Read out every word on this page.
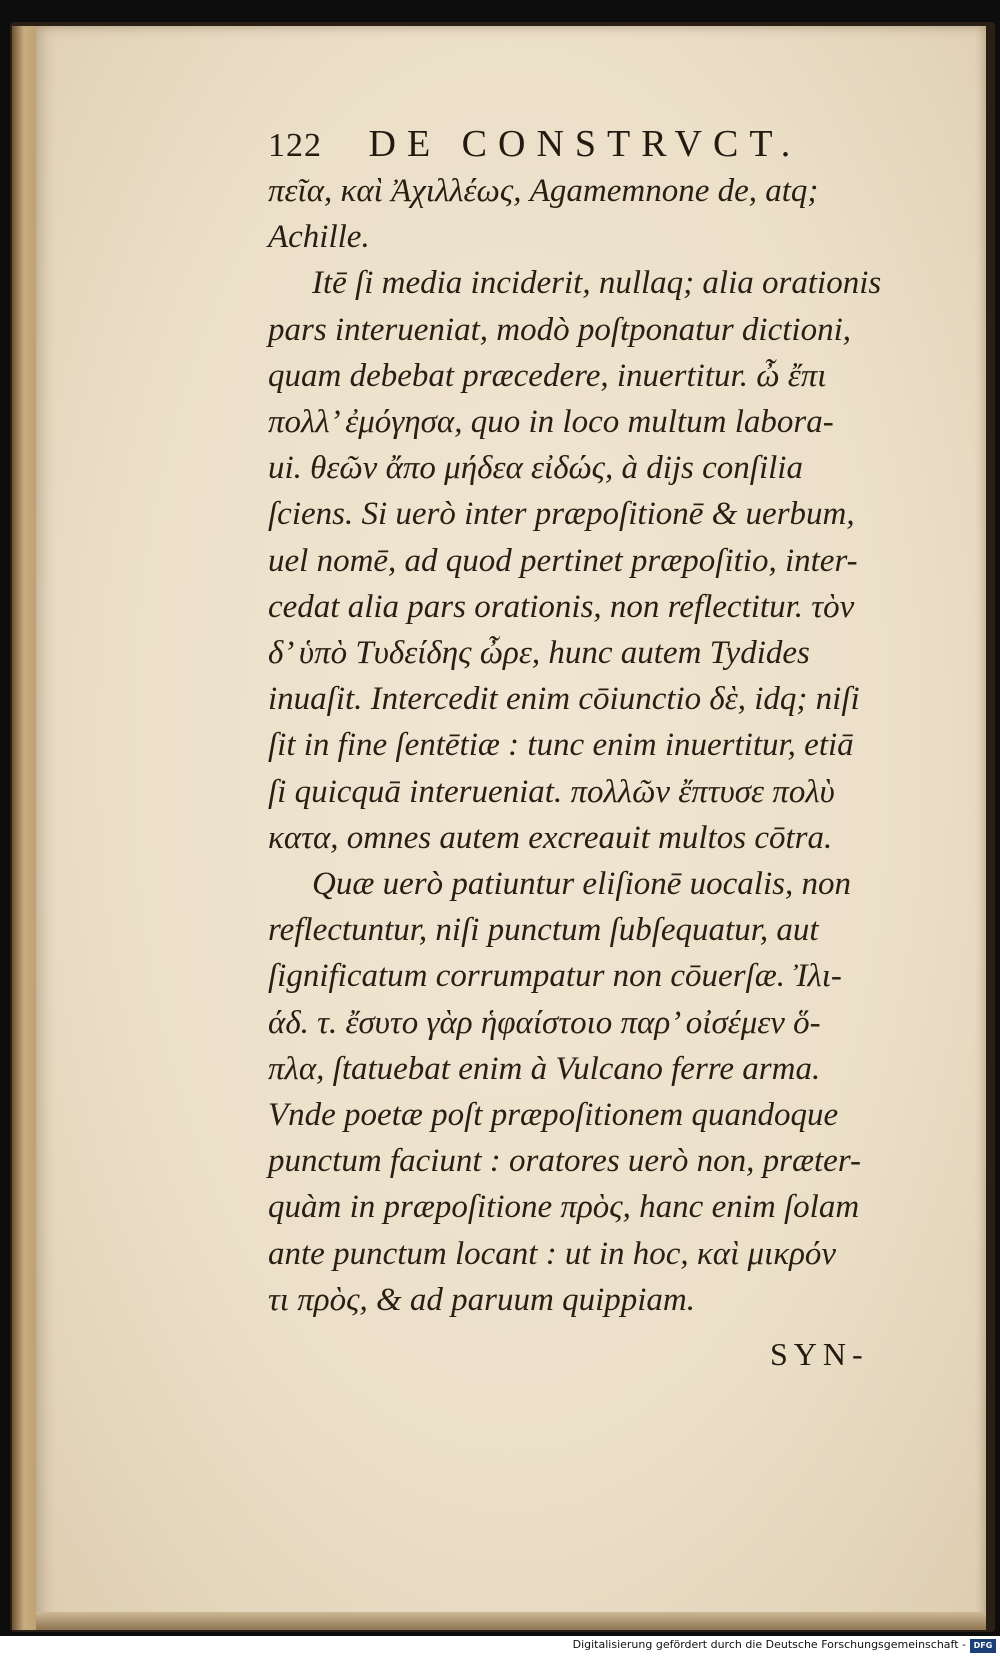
122 DE CONSTRVCT.

πεῖα, καὶ Ἀχιλλέως, Agamemnone de, atq;

Achille.

Itē ſi media inciderit, nullaq; alia orationis

pars interueniat, modò poſtponatur dictioni,

quam debebat præcedere, inuertitur. ὦ ἔπι

πολλ’ ἐμόγησα, quo in loco multum labora-

ui. θεῶν ἄπο μήδεα εἰδώς, à dijs conſilia

ſciens. Si uerò inter præpoſitionē & uerbum,

uel nomē, ad quod pertinet præpoſitio, inter-

cedat alia pars orationis, non reflectitur. τὸν

δ’ ὑπὸ Τυδείδης ὦρε, hunc autem Tydides

inuaſit. Intercedit enim cōiunctio δὲ, idq; niſi

ſit in fine ſentētiæ : tunc enim inuertitur, etiā

ſi quicquā interueniat. πολλῶν ἔπτυσε πολὺ

κατα, omnes autem excreauit multos cōtra.

Quæ uerò patiuntur eliſionē uocalis, non

reflectuntur, niſi punctum ſubſequatur, aut

ſignificatum corrumpatur non cōuerſæ. Ἰλι-

άδ. τ. ἔσυτο γὰρ ἡφαίστοιο παρ’ οἰσέμεν ὅ-

πλα, ſtatuebat enim à Vulcano ferre arma.

Vnde poetæ poſt præpoſitionem quandoque

punctum faciunt : oratores uerò non, præter-

quàm in præpoſitione πρὸς, hanc enim ſolam

ante punctum locant : ut in hoc, καὶ μικρόν

τι πρὸς, & ad paruum quippiam.

SYN-
Digitalisierung gefördert durch die Deutsche Forschungsgemeinschaft - DFG
